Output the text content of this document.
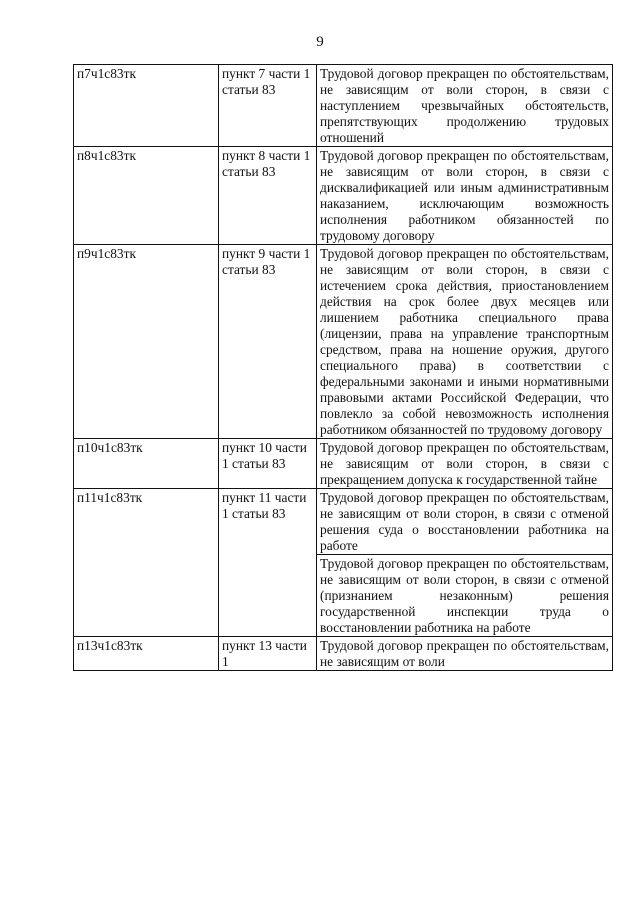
9
п7ч1с83тк	пункт 7 части 1 статьи 83	Трудовой договор прекращен по обстоятельствам, не зависящим от воли сторон, в связи с наступлением чрезвычайных обстоятельств, препятствующих продолжению трудовых отношений
п8ч1с83тк	пункт 8 части 1 статьи 83	Трудовой договор прекращен по обстоятельствам, не зависящим от воли сторон, в связи с дисквалификацией или иным административным наказанием, исключающим возможность исполнения работником обязанностей по трудовому договору
п9ч1с83тк	пункт 9 части 1 статьи 83	Трудовой договор прекращен по обстоятельствам, не зависящим от воли сторон, в связи с истечением срока действия, приостановлением действия на срок более двух месяцев или лишением работника специального права (лицензии, права на управление транспортным средством, права на ношение оружия, другого специального права) в соответствии с федеральными законами и иными нормативными правовыми актами Российской Федерации, что повлекло за собой невозможность исполнения работником обязанностей по трудовому договору
п10ч1с83тк	пункт 10 части 1 статьи 83	Трудовой договор прекращен по обстоятельствам, не зависящим от воли сторон, в связи с прекращением допуска к государственной тайне
п11ч1с83тк	пункт 11 части 1 статьи 83	Трудовой договор прекращен по обстоятельствам, не зависящим от воли сторон, в связи с отменой решения суда о восстановлении работника на работе
		Трудовой договор прекращен по обстоятельствам, не зависящим от воли сторон, в связи с отменой (признанием незаконным) решения государственной инспекции труда о восстановлении работника на работе
п13ч1с83тк	пункт 13 части 1	Трудовой договор прекращен по обстоятельствам, не зависящим от воли
